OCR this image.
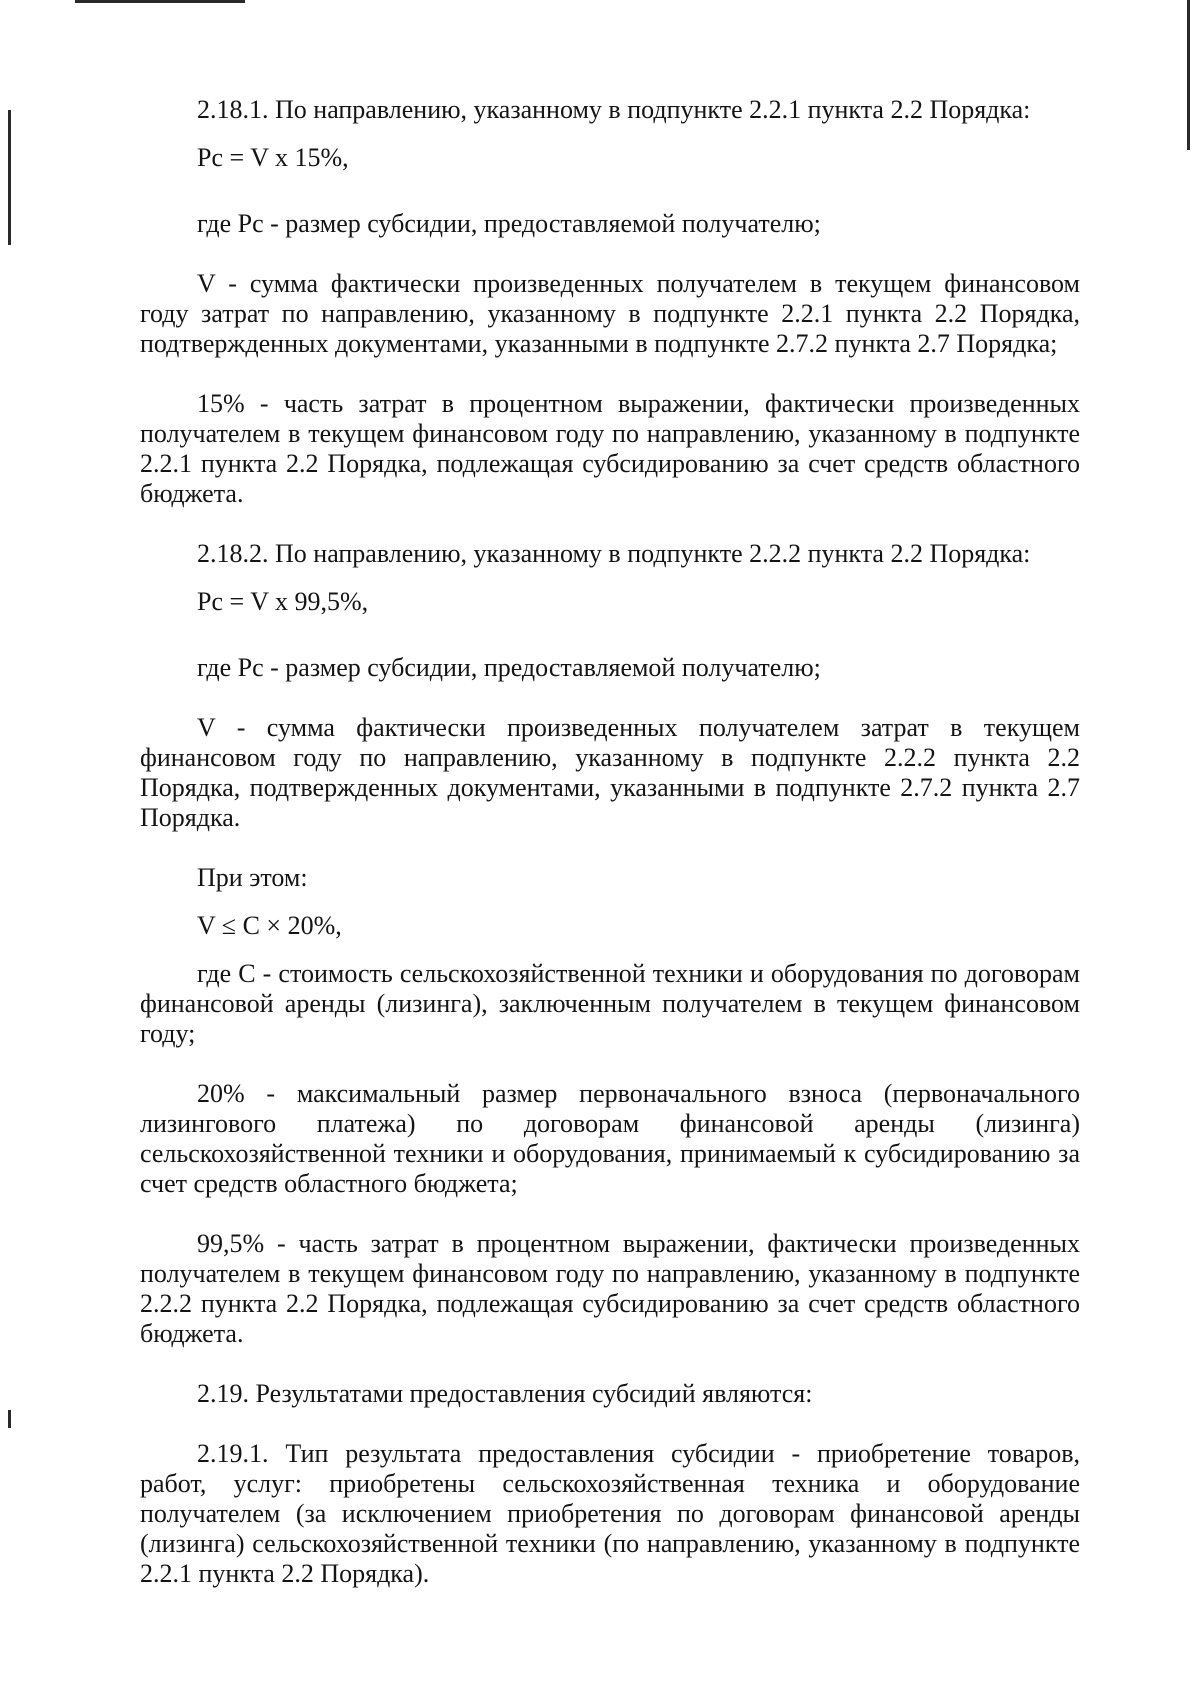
2.18.1. По направлению, указанному в подпункте 2.2.1 пункта 2.2 Порядка:

Pc = V x 15%,

где Рс - размер субсидии, предоставляемой получателю;

V - сумма фактически произведенных получателем в текущем финансовом году затрат по направлению, указанному в подпункте 2.2.1 пункта 2.2 Порядка, подтвержденных документами, указанными в подпункте 2.7.2 пункта 2.7 Порядка;

15% - часть затрат в процентном выражении, фактически произведенных получателем в текущем финансовом году по направлению, указанному в подпункте 2.2.1 пункта 2.2 Порядка, подлежащая субсидированию за счет средств областного бюджета.

2.18.2. По направлению, указанному в подпункте 2.2.2 пункта 2.2 Порядка:

Pc = V x 99,5%,

где Рс - размер субсидии, предоставляемой получателю;

V - сумма фактически произведенных получателем затрат в текущем финансовом году по направлению, указанному в подпункте 2.2.2 пункта 2.2 Порядка, подтвержденных документами, указанными в подпункте 2.7.2 пункта 2.7 Порядка.

При этом:

V ≤ C × 20%,

где С - стоимость сельскохозяйственной техники и оборудования по договорам финансовой аренды (лизинга), заключенным получателем в текущем финансовом году;

20% - максимальный размер первоначального взноса (первоначального лизингового платежа) по договорам финансовой аренды (лизинга) сельскохозяйственной техники и оборудования, принимаемый к субсидированию за счет средств областного бюджета;

99,5% - часть затрат в процентном выражении, фактически произведенных получателем в текущем финансовом году по направлению, указанному в подпункте 2.2.2 пункта 2.2 Порядка, подлежащая субсидированию за счет средств областного бюджета.

2.19. Результатами предоставления субсидий являются:

2.19.1. Тип результата предоставления субсидии - приобретение товаров, работ, услуг: приобретены сельскохозяйственная техника и оборудование получателем (за исключением приобретения по договорам финансовой аренды (лизинга) сельскохозяйственной техники (по направлению, указанному в подпункте 2.2.1 пункта 2.2 Порядка).
